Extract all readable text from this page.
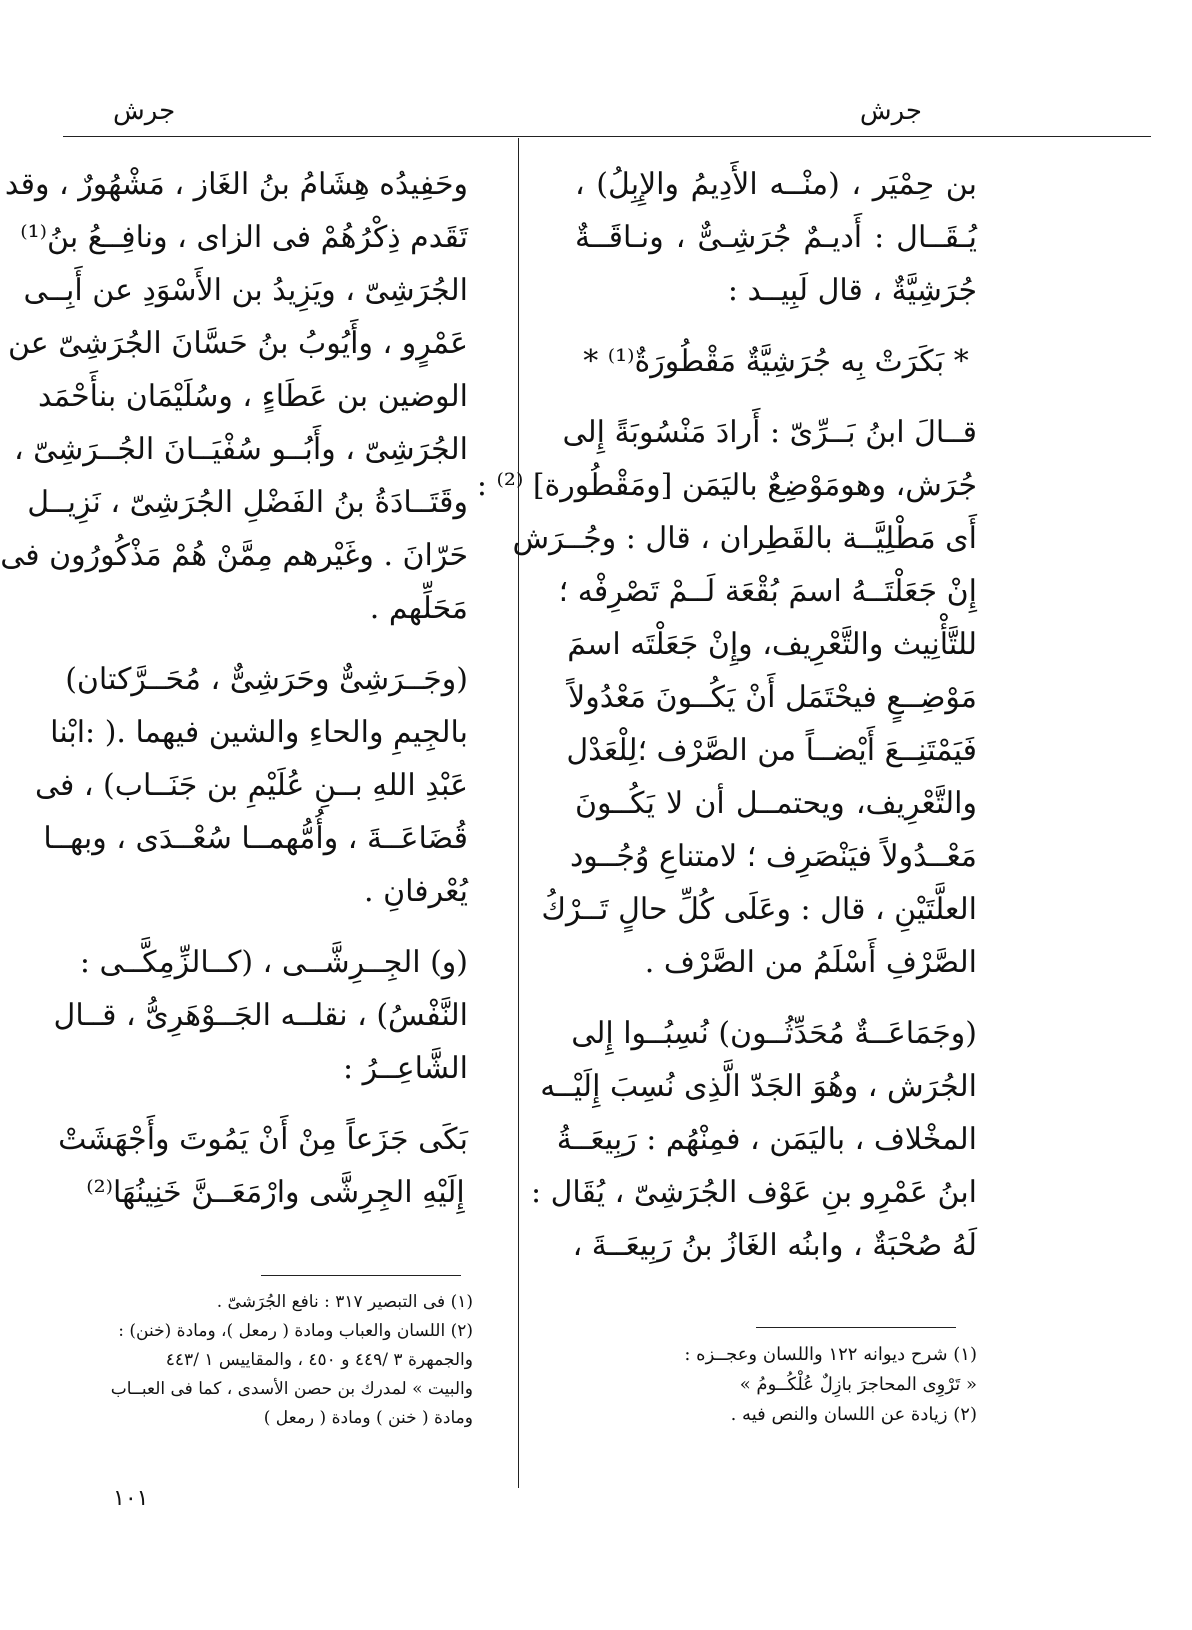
جرش
جرش
بن حِمْيَر ، (منْــه الأَدِيمُ والإِبِلُ) ،
يُـقَــال : أَديـمٌ جُرَشِـىٌّ ، ونـاقَــةٌ
جُرَشِيَّةٌ ، قال لَبِيــد :
* بَكَرَتْ بِه جُرَشِيَّةٌ مَقْطُورَةٌ⁽¹⁾ *
قــالَ ابنُ بَــرِّىّ : أَرادَ مَنْسُوبَةً إِلى
جُرَش، وهومَوْضِعٌ باليَمَن [ومَقْطُورة] ⁽²⁾ :
أَى مَطْلِيَّــة بالقَطِران ، قال : وجُــرَش
إِنْ جَعَلْتَــهُ اسمَ بُقْعَة لَــمْ تَصْرِفْه ؛
للتَّأْنِيث والتَّعْرِيف، وإِنْ جَعَلْتَه اسمَ
مَوْضِــعٍ فيحْتَمَل أَنْ يَكُــونَ مَعْدُولاً
فَيَمْتَنِــعَ أَيْضــاً من الصَّرْف ؛لِلْعَدْل
والتَّعْرِيف، ويحتمــل أن لا يَكُــونَ
مَعْــدُولاً فيَنْصَرِف ؛ لامتناعِ وُجُــود
العلَّتَيْنِ ، قال : وعَلَى كُلِّ حالٍ تَــرْكُ
الصَّرْفِ أَسْلَمُ من الصَّرْف .
(وجَمَاعَــةٌ مُحَدِّثُــون) نُسِبُــوا إِلى
الجُرَش ، وهُوَ الجَدّ الَّذِى نُسِبَ إِلَيْــه
المخْلاف ، باليَمَن ، فمِنْهُم : رَبِيعَــةُ
ابنُ عَمْرِو بنِ عَوْف الجُرَشِىّ ، يُقَال :
لَهُ صُحْبَةٌ ، وابنُه الغَازُ بنُ رَبِيعَــةَ ،
وحَفِيدُه هِشَامُ بنُ الغَاز ، مَشْهُورٌ ، وقد
تَقَدم ذِكْرُهُمْ فى الزاى ، ونافِــعُ بنُ⁽¹⁾
الجُرَشِىّ ، ويَزِيدُ بن الأَسْوَدِ عن أَبِــى
عَمْرٍو ، وأَيُوبُ بنُ حَسَّانَ الجُرَشِىّ عن
الوضين بن عَطَاءٍ ، وسُلَيْمَان بنأَحْمَد
الجُرَشِىّ ، وأَبُــو سُفْيَــانَ الجُــرَشِىّ ،
وقَتَــادَةُ بنُ الفَضْلِ الجُرَشِىّ ، نَزِيــل
حَرّانَ . وغَيْرهم مِمَّنْ هُمْ مَذْكُورُون فى
مَحَلِّهم .
(وجَــرَشِىٌّ وحَرَشِىٌّ ، مُحَــرَّكتان)
بالجِيمِ والحاءِ والشين فيهما .( :ابْنا
عَبْدِ اللهِ بــنِ عُلَيْمِ بن جَنَــاب) ، فى
قُضَاعَــةَ ، وأُمُّهمــا سُعْــدَى ، وبهــا
يُعْرفانِ .
(و) الجِــرِشَّــى ، (كــالزِّمِكَّــى :
النَّفْسُ) ، نقلــه الجَــوْهَرِىُّ ، قــال
الشَّاعِــرُ :
بَكَى جَزَعاً مِنْ أَنْ يَمُوتَ وأَجْهَشَتْ
إِلَيْهِ الجِرِشَّى وارْمَعَــنَّ خَنِينُهَا⁽²⁾
(١) شرح ديوانه ١٢٢ واللسان وعجــزه :
« تَرْوِى المحاجرَ بازِلٌ عُلْكُــومُ »
(٢) زيادة عن اللسان والنص فيه .
(١) فى التبصير ٣١٧ : نافع الجُرَشىّ .
(٢) اللسان والعباب ومادة ( رمعل )، ومادة (خنن) :
والجمهرة ٣ /٤٤٩ و ٤٥٠ ، والمقاييس ١ /٤٤٣
والبيت » لمدرك بن حصن الأسدى ، كما فى العبــاب
ومادة ( خنن ) ومادة ( رمعل )
١٠١
